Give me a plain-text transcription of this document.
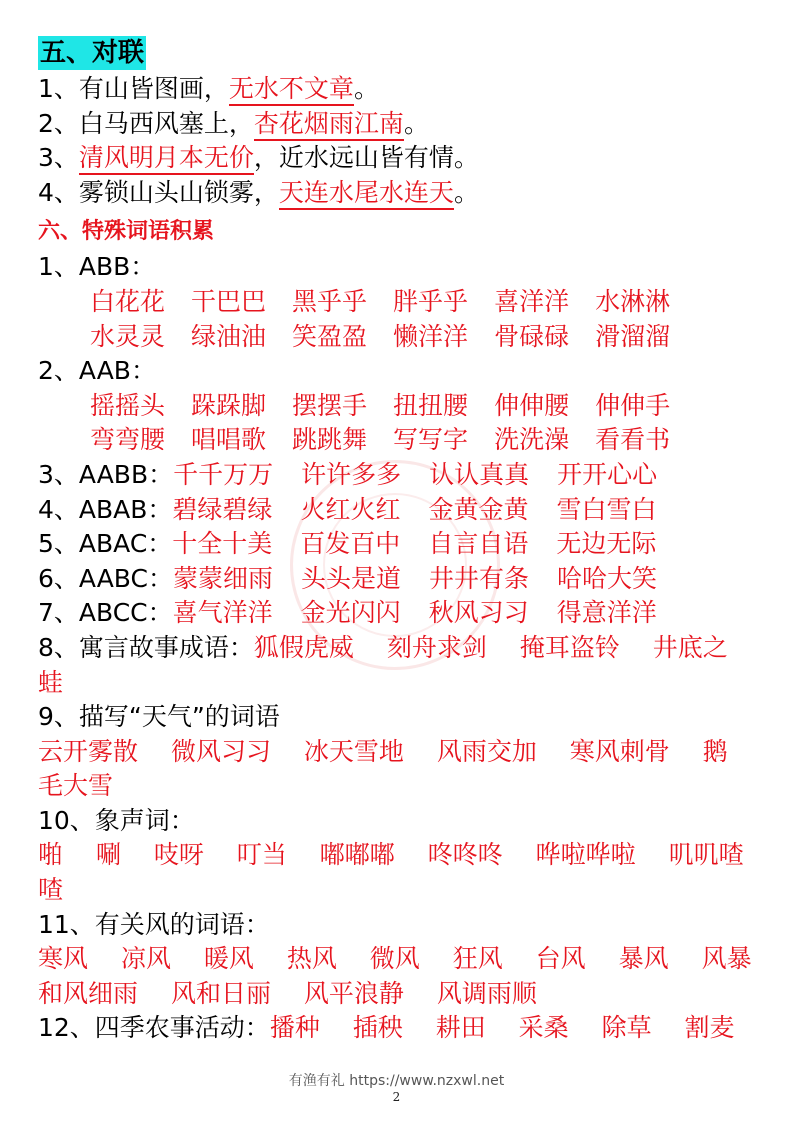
五、对联
1、有山皆图画，无水不文章。
2、白马西风塞上，杏花烟雨江南。
3、清风明月本无价，近水远山皆有情。
4、雾锁山头山锁雾，天连水尾水连天。
六、特殊词语积累
1、ABB：
白花花 干巴巴 黑乎乎 胖乎乎 喜洋洋 水淋淋
水灵灵 绿油油 笑盈盈 懒洋洋 骨碌碌 滑溜溜
2、AAB：
摇摇头 跺跺脚 摆摆手 扭扭腰 伸伸腰 伸伸手
弯弯腰 唱唱歌 跳跳舞 写写字 洗洗澡 看看书
3、AABB：千千万万 许许多多 认认真真 开开心心
4、ABAB：碧绿碧绿 火红火红 金黄金黄 雪白雪白
5、ABAC：十全十美 百发百中 自言自语 无边无际
6、AABC：蒙蒙细雨 头头是道 井井有条 哈哈大笑
7、ABCC：喜气洋洋 金光闪闪 秋风习习 得意洋洋
8、寓言故事成语：狐假虎威　 刻舟求剑　 掩耳盗铃　 井底之
蛙
9、描写“天气”的词语
云开雾散　 微风习习　 冰天雪地　 风雨交加　 寒风刺骨　 鹅
毛大雪
10、象声词：
啪　 唰　 吱呀　 叮当　 嘟嘟嘟　 咚咚咚　 哗啦哗啦　 叽叽喳
喳
11、有关风的词语：
寒风　 凉风　 暖风　 热风　 微风　 狂风　 台风　 暴风　 风暴
和风细雨　 风和日丽　 风平浪静　 风调雨顺
12、四季农事活动：播种　 插秧　 耕田　 采桑　 除草　 割麦
有渔有礼 https://www.nzxwl.net
2
